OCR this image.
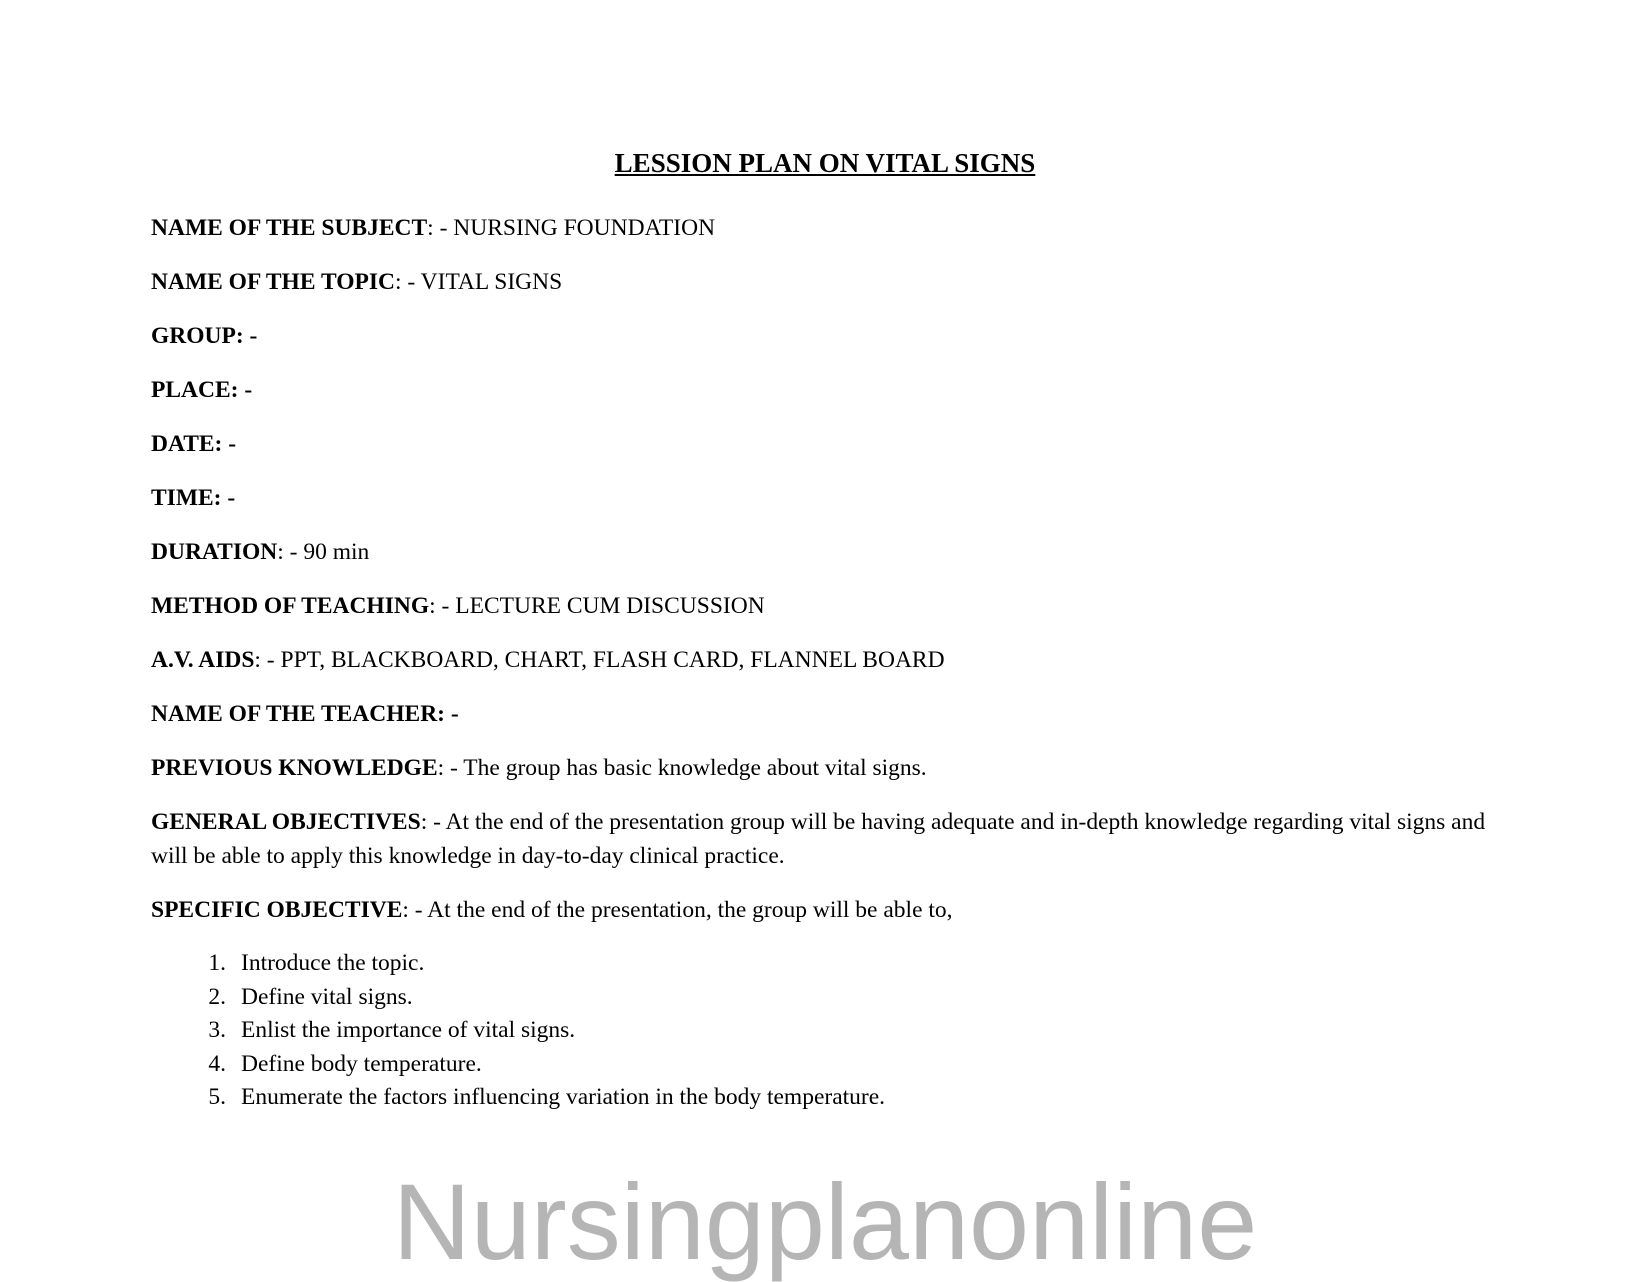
LESSION PLAN ON VITAL SIGNS

NAME OF THE SUBJECT: - NURSING FOUNDATION

NAME OF THE TOPIC: - VITAL SIGNS

GROUP: -

PLACE: -

DATE: -

TIME: -

DURATION: - 90 min

METHOD OF TEACHING: - LECTURE CUM DISCUSSION

A.V. AIDS: - PPT, BLACKBOARD, CHART, FLASH CARD, FLANNEL BOARD

NAME OF THE TEACHER: -

PREVIOUS KNOWLEDGE: - The group has basic knowledge about vital signs.

GENERAL OBJECTIVES: - At the end of the presentation group will be having adequate and in-depth knowledge regarding vital signs and will be able to apply this knowledge in day-to-day clinical practice.

SPECIFIC OBJECTIVE: - At the end of the presentation, the group will be able to,

1. Introduce the topic.
2. Define vital signs.
3. Enlist the importance of vital signs.
4. Define body temperature.
5. Enumerate the factors influencing variation in the body temperature.

Nursingplanonline
